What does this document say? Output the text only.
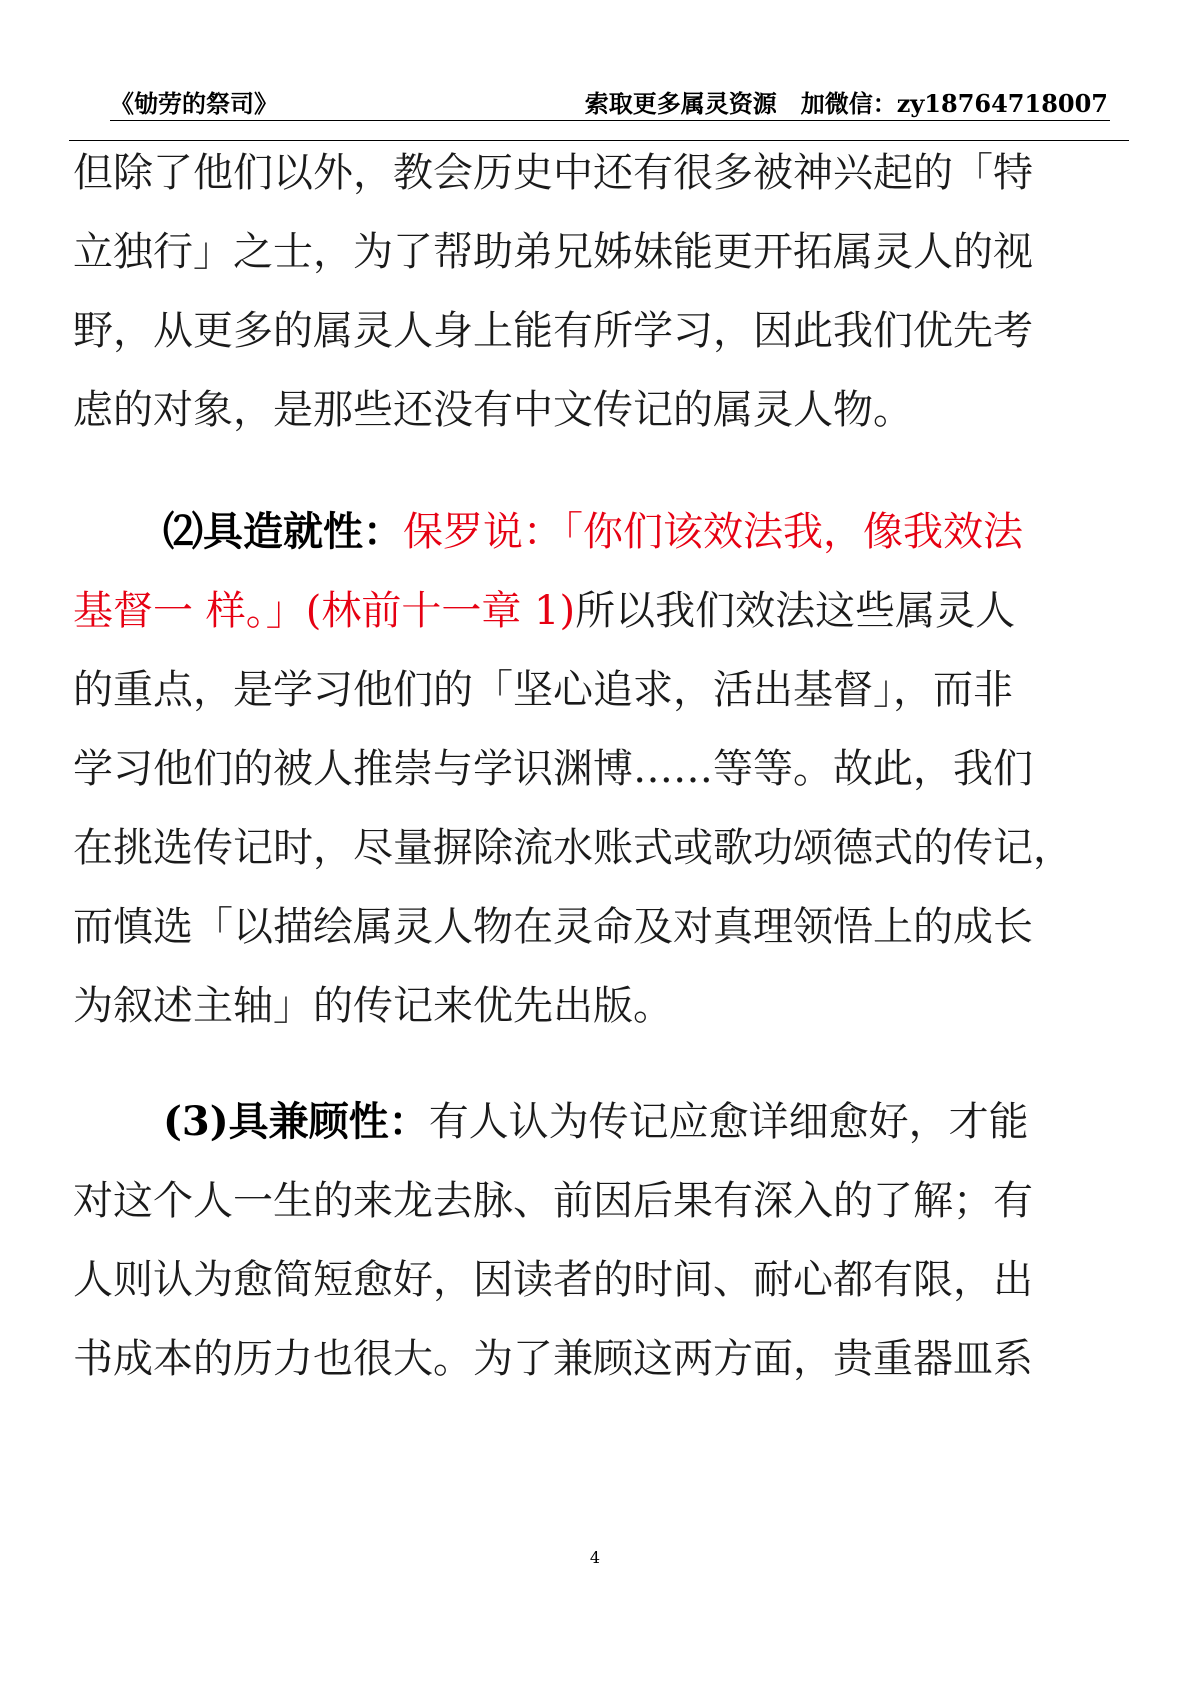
《劬劳的祭司》	索取更多属灵资源 加微信：zy18764718007
但除了他们以外，教会历史中还有很多被神兴起的「特
立独行」之士，为了帮助弟兄姊妹能更开拓属灵人的视
野，从更多的属灵人身上能有所学习，因此我们优先考
虑的对象，是那些还没有中文传记的属灵人物。
⑵具造就性：保罗说：「你们该效法我，像我效法
基督一 样。」(林前十一章 1)所以我们效法这些属灵人
的重点，是学习他们的「坚心追求，活出基督」，而非
学习他们的被人推崇与学识渊博……等等。故此，我们
在挑选传记时，尽量摒除流水账式或歌功颂德式的传记，
而慎选「以描绘属灵人物在灵命及对真理领悟上的成长
为叙述主轴」的传记来优先出版。
(3)具兼顾性：有人认为传记应愈详细愈好，才能
对这个人一生的来龙去脉、前因后果有深入的了解；有
人则认为愈简短愈好，因读者的时间、耐心都有限，出
书成本的历力也很大。为了兼顾这两方面，贵重器皿系
4
